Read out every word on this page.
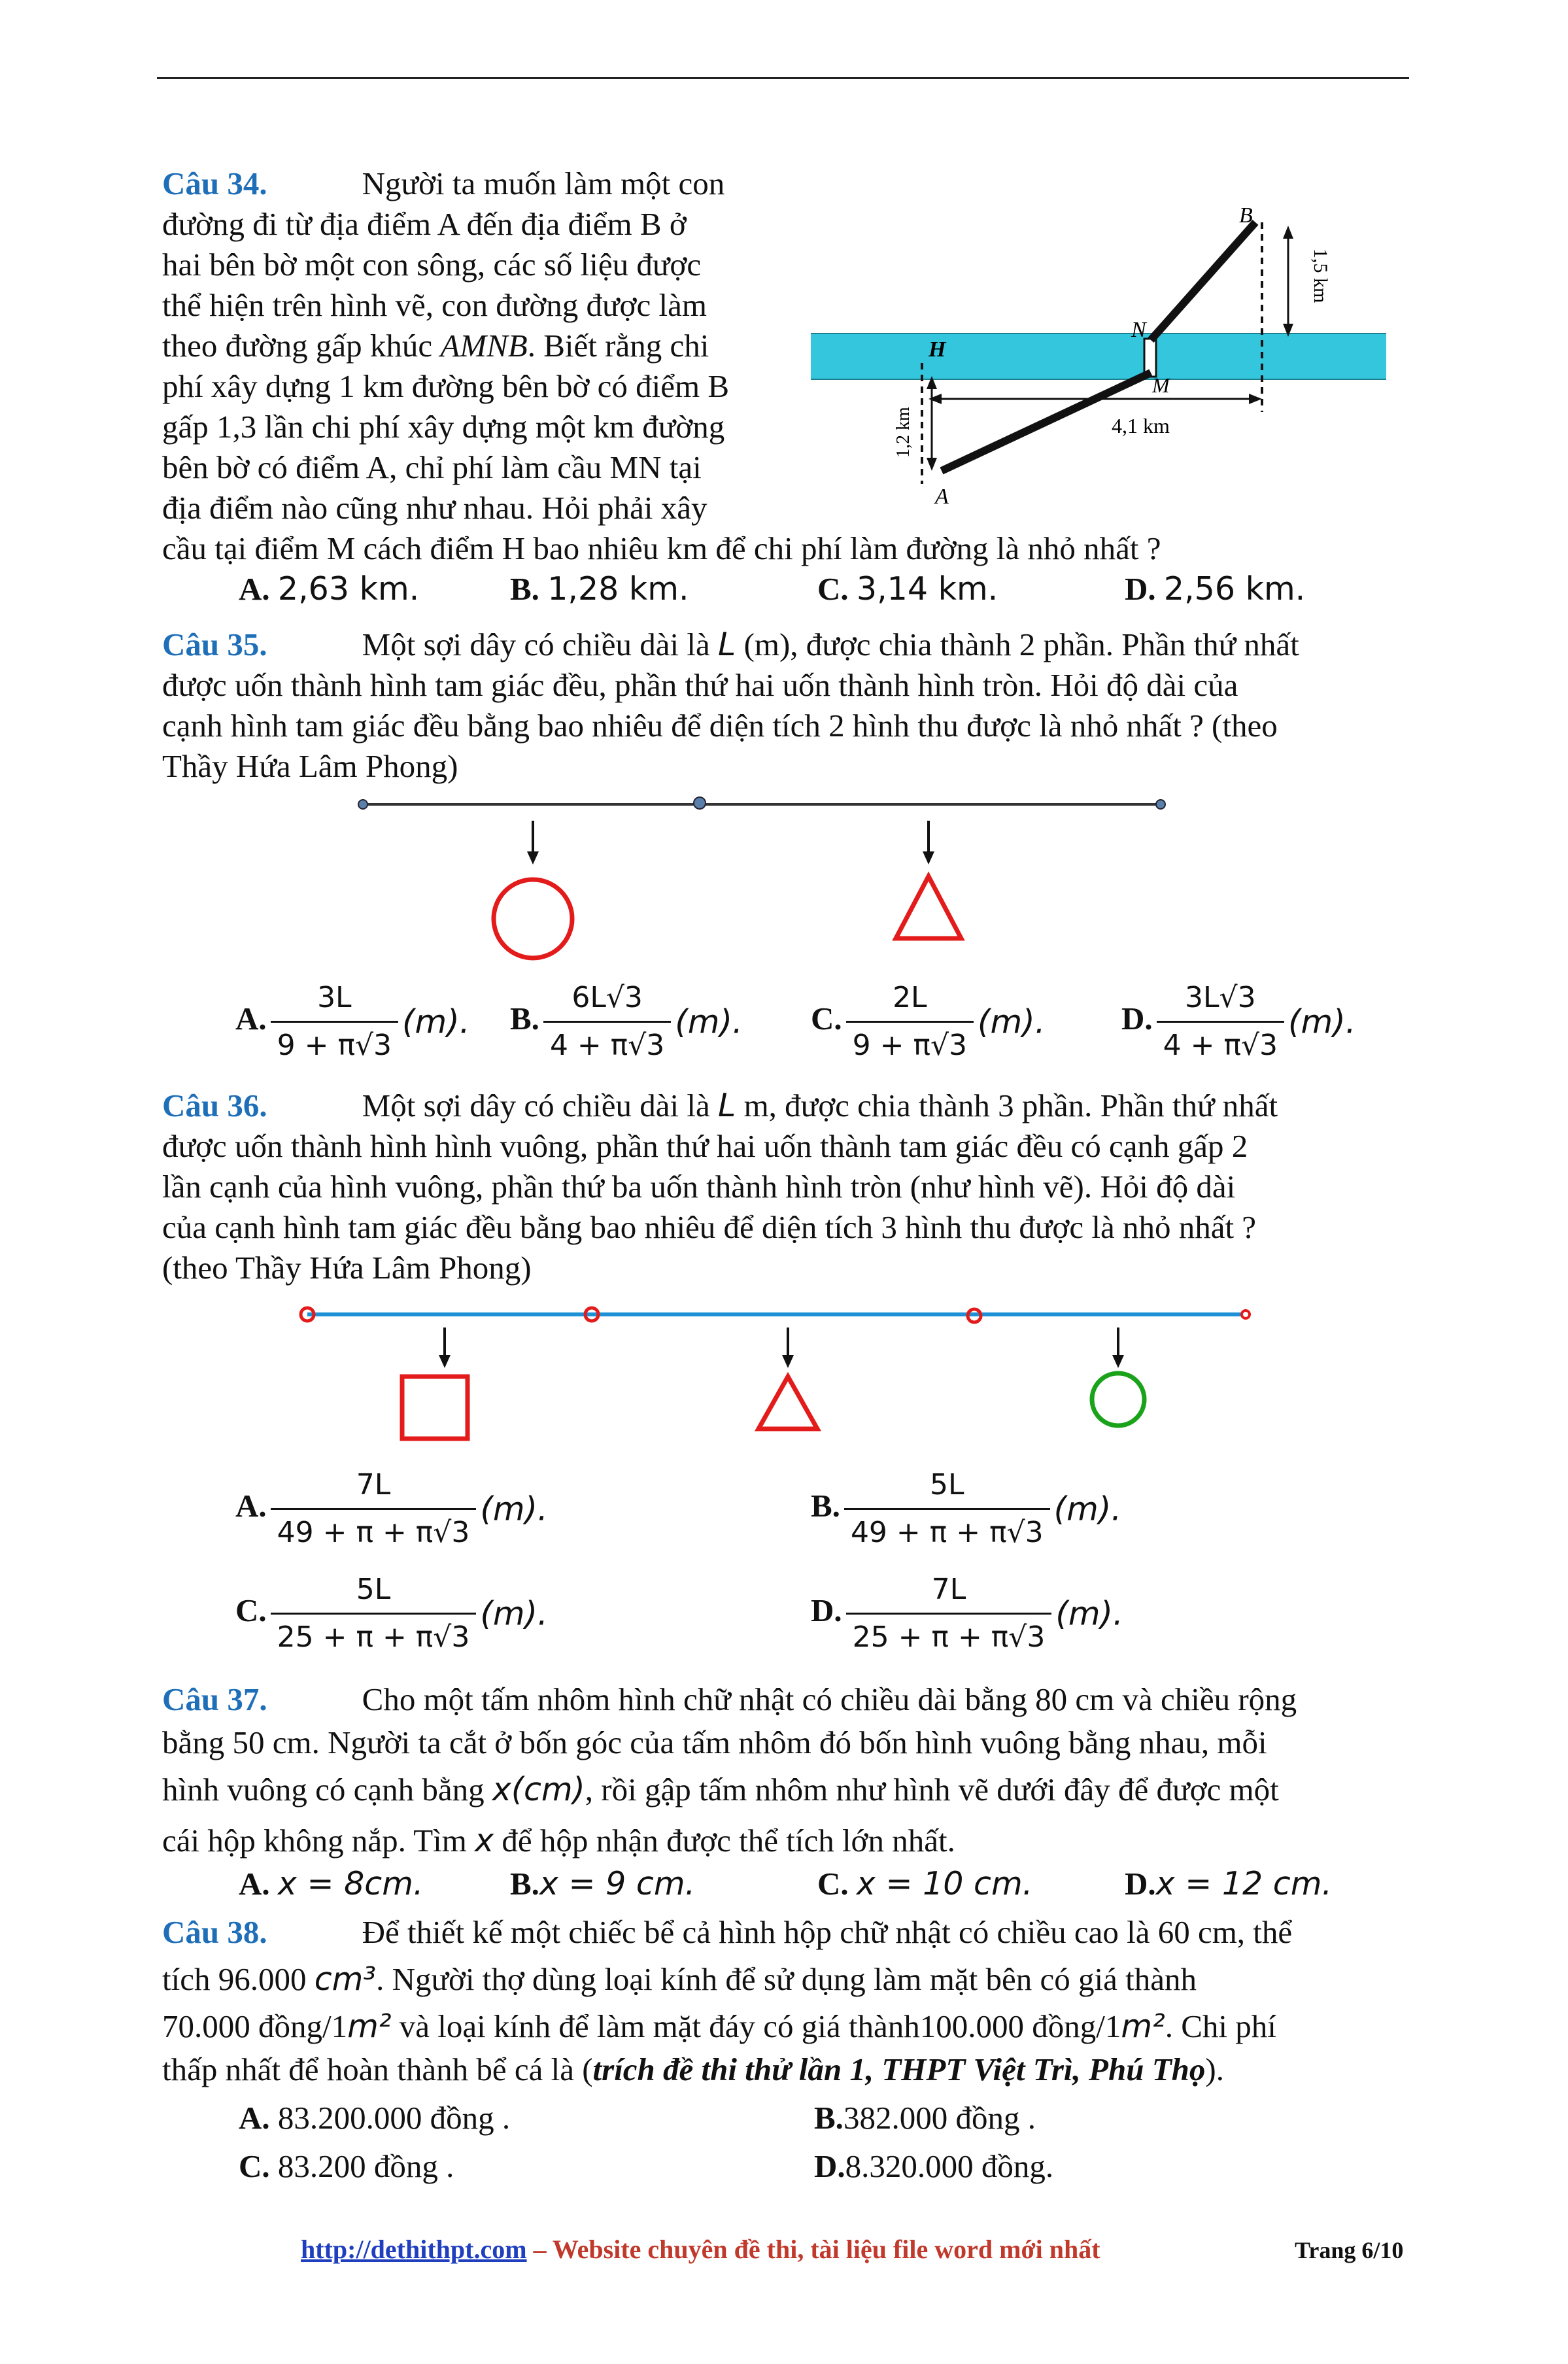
Câu 34.	Người ta muốn làm một con
đường đi từ địa điểm A đến địa điểm B ở
hai bên bờ một con sông, các số liệu được
thể hiện trên hình vẽ, con đường được làm
theo đường gấp khúc AMNB. Biết rằng chi
phí xây dựng 1 km đường bên bờ có điểm B
gấp 1,3 lần chi phí xây dựng một km đường
bên bờ có điểm A, chỉ phí làm cầu MN tại
địa điểm nào cũng như nhau. Hỏi phải xây
cầu tại điểm M cách điểm H bao nhiêu km để chi phí làm đường là nhỏ nhất ?
B
N
H
M
A
4,1 km
1,5 km
1,2 km
A. 2,63 km.	B. 1,28 km.	C. 3,14 km.	D. 2,56 km.
Câu 35.	Một sợi dây có chiều dài là L (m), được chia thành 2 phần. Phần thứ nhất
được uốn thành hình tam giác đều, phần thứ hai uốn thành hình tròn. Hỏi độ dài của
cạnh hình tam giác đều bằng bao nhiêu để diện tích 2 hình thu được là nhỏ nhất ? (theo
Thầy Hứa Lâm Phong)
A. $\frac{3L}{9 + \pi√3} (m)$. B. $\frac{6L√3}{4 + \pi√3} (m)$. C. $\frac{2L}{9 + \pi√3} (m)$. D. $\frac{3L√3}{4 + \pi√3} (m)$.
Câu 36.	Một sợi dây có chiều dài là L m, được chia thành 3 phần. Phần thứ nhất
được uốn thành hình hình vuông, phần thứ hai uốn thành tam giác đều có cạnh gấp 2
lần cạnh của hình vuông, phần thứ ba uốn thành hình tròn (như hình vẽ). Hỏi độ dài
của cạnh hình tam giác đều bằng bao nhiêu để diện tích 3 hình thu được là nhỏ nhất ?
(theo Thầy Hứa Lâm Phong)
A. $\frac{7L}{49 + \pi + \pi√3} (m)$.	B. $\frac{5L}{49 + \pi + \pi√3} (m)$.
C. $\frac{5L}{25 + \pi + \pi√3} (m)$.	D. $\frac{7L}{25 + \pi + \pi√3} (m)$.
Câu 37.	Cho một tấm nhôm hình chữ nhật có chiều dài bằng 80 cm và chiều rộng
bằng 50 cm. Người ta cắt ở bốn góc của tấm nhôm đó bốn hình vuông bằng nhau, mỗi
hình vuông có cạnh bằng x(cm), rồi gập tấm nhôm như hình vẽ dưới đây để được một
cái hộp không nắp. Tìm x để hộp nhận được thể tích lớn nhất.
A. x = 8cm.	B.x = 9 cm.	C. x = 10 cm.	D.x = 12 cm.
Câu 38.	Để thiết kế một chiếc bể cả hình hộp chữ nhật có chiều cao là 60 cm, thể
tích 96.000 cm³. Người thợ dùng loại kính để sử dụng làm mặt bên có giá thành
70.000 đồng/1m² và loại kính để làm mặt đáy có giá thành100.000 đồng/1m². Chi phí
thấp nhất để hoàn thành bể cá là (trích đề thi thử lần 1, THPT Việt Trì, Phú Thọ).
A. 83.200.000 đồng .	B.382.000 đồng .
C. 83.200 đồng .	D.8.320.000 đồng.
http://dethithpt.com – Website chuyên đề thi, tài liệu file word mới nhất	Trang 6/10
